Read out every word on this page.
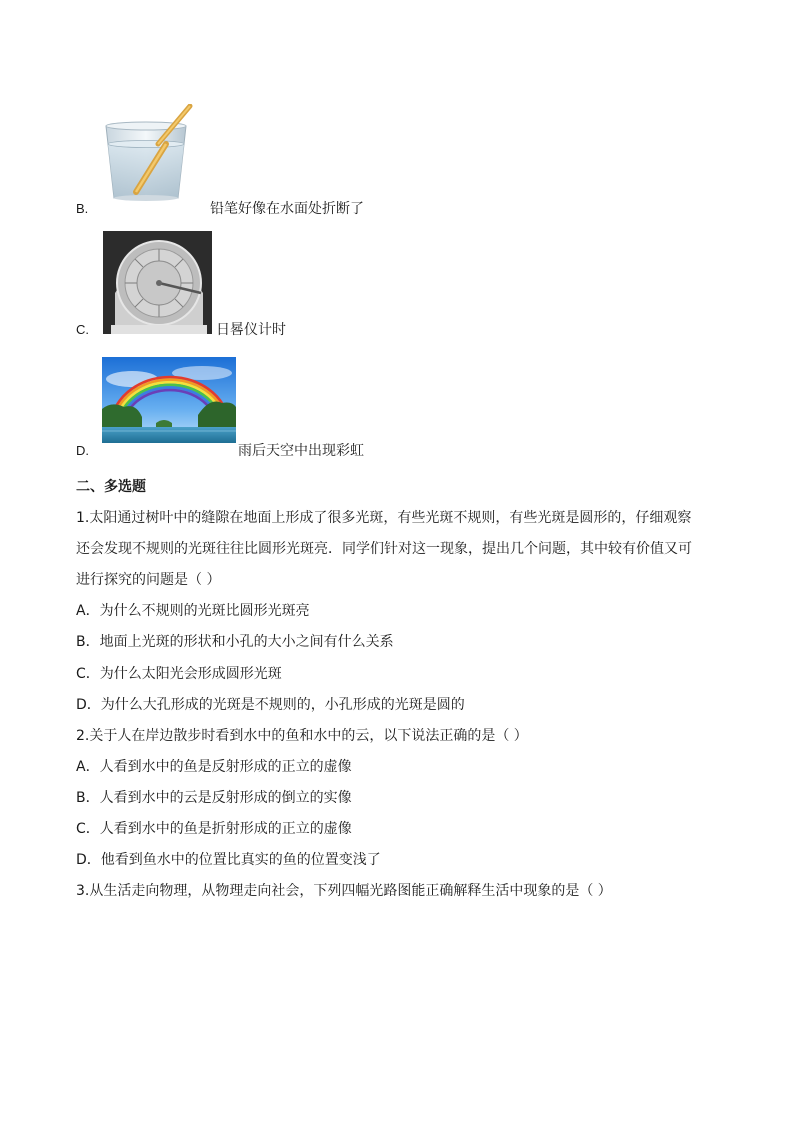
B.	铅笔好像在水面处折断了
C.	日晷仪计时
D.	雨后天空中出现彩虹
二、多选题
1.太阳通过树叶中的缝隙在地面上形成了很多光斑，有些光斑不规则，有些光斑是圆形的，仔细观察
还会发现不规则的光斑往往比圆形光斑亮．同学们针对这一现象，提出几个问题，其中较有价值又可
进行探究的问题是（ ）
A．为什么不规则的光斑比圆形光斑亮
B．地面上光斑的形状和小孔的大小之间有什么关系
C．为什么太阳光会形成圆形光斑
D．为什么大孔形成的光斑是不规则的，小孔形成的光斑是圆的
2.关于人在岸边散步时看到水中的鱼和水中的云，以下说法正确的是（ ）
A．人看到水中的鱼是反射形成的正立的虚像
B．人看到水中的云是反射形成的倒立的实像
C．人看到水中的鱼是折射形成的正立的虚像
D．他看到鱼水中的位置比真实的鱼的位置变浅了
3.从生活走向物理，从物理走向社会，下列四幅光路图能正确解释生活中现象的是（ ）
